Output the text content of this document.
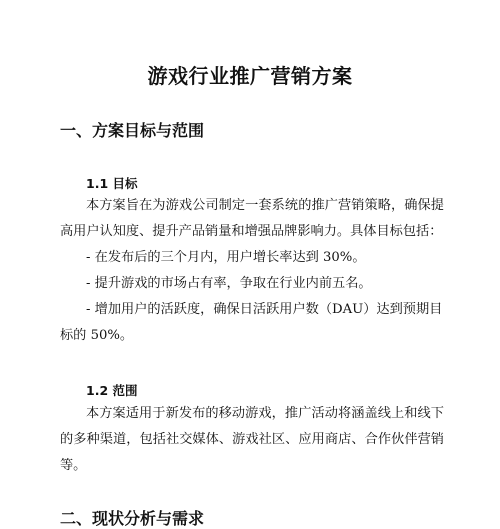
游戏行业推广营销方案
一、方案目标与范围
1.1 目标
本方案旨在为游戏公司制定一套系统的推广营销策略，确保提高用户认知度、提升产品销量和增强品牌影响力。具体目标包括：
- 在发布后的三个月内，用户增长率达到 30%。
- 提升游戏的市场占有率，争取在行业内前五名。
- 增加用户的活跃度，确保日活跃用户数（DAU）达到预期目标的 50%。
1.2 范围
本方案适用于新发布的移动游戏，推广活动将涵盖线上和线下的多种渠道，包括社交媒体、游戏社区、应用商店、合作伙伴营销等。
二、现状分析与需求
